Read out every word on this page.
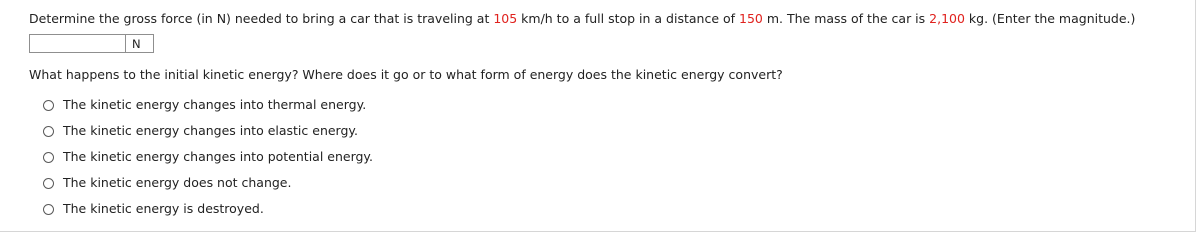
Determine the gross force (in N) needed to bring a car that is traveling at 105 km/h to a full stop in a distance of 150 m. The mass of the car is 2,100 kg. (Enter the magnitude.)
N
What happens to the initial kinetic energy? Where does it go or to what form of energy does the kinetic energy convert?
The kinetic energy changes into thermal energy.
The kinetic energy changes into elastic energy.
The kinetic energy changes into potential energy.
The kinetic energy does not change.
The kinetic energy is destroyed.
